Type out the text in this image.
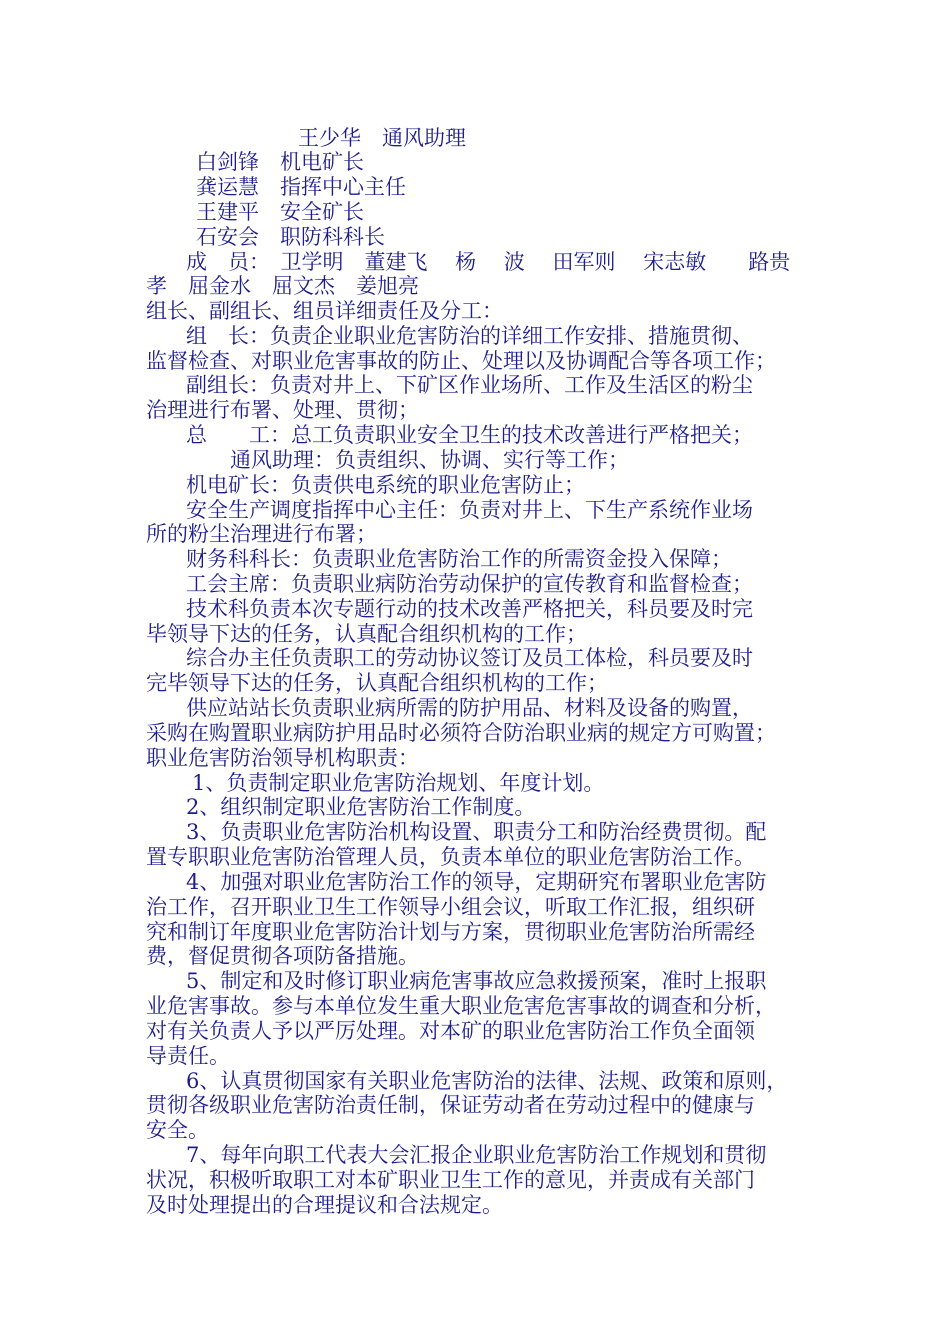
王少华　通风助理
白剑锋　机电矿长
龚运慧　指挥中心主任
王建平　安全矿长
石安会　职防科科长
成　员：　卫学明　董建飞　 杨　 波　 田军则　 宋志敏　　路贵
孝　屈金水　屈文杰　姜旭亮
组长、副组长、组员详细责任及分工：
组　长：负责企业职业危害防治的详细工作安排、措施贯彻、
监督检查、对职业危害事故的防止、处理以及协调配合等各项工作；
副组长：负责对井上、下矿区作业场所、工作及生活区的粉尘
治理进行布署、处理、贯彻；
总　　工：总工负责职业安全卫生的技术改善进行严格把关；
通风助理：负责组织、协调、实行等工作；
机电矿长：负责供电系统的职业危害防止；
安全生产调度指挥中心主任：负责对井上、下生产系统作业场
所的粉尘治理进行布署；
财务科科长：负责职业危害防治工作的所需资金投入保障；
工会主席：负责职业病防治劳动保护的宣传教育和监督检查；
技术科负责本次专题行动的技术改善严格把关，科员要及时完
毕领导下达的任务，认真配合组织机构的工作；
综合办主任负责职工的劳动协议签订及员工体检，科员要及时
完毕领导下达的任务，认真配合组织机构的工作；
供应站站长负责职业病所需的防护用品、材料及设备的购置，
采购在购置职业病防护用品时必须符合防治职业病的规定方可购置；
职业危害防治领导机构职责：
1、负责制定职业危害防治规划、年度计划。
2、组织制定职业危害防治工作制度。
3、负责职业危害防治机构设置、职责分工和防治经费贯彻。配
置专职职业危害防治管理人员，负责本单位的职业危害防治工作。
4、加强对职业危害防治工作的领导，定期研究布署职业危害防
治工作，召开职业卫生工作领导小组会议，听取工作汇报，组织研
究和制订年度职业危害防治计划与方案，贯彻职业危害防治所需经
费，督促贯彻各项防备措施。
5、制定和及时修订职业病危害事故应急救援预案，准时上报职
业危害事故。参与本单位发生重大职业危害危害事故的调查和分析，
对有关负责人予以严厉处理。对本矿的职业危害防治工作负全面领
导责任。
6、认真贯彻国家有关职业危害防治的法律、法规、政策和原则，
贯彻各级职业危害防治责任制，保证劳动者在劳动过程中的健康与
安全。
7、每年向职工代表大会汇报企业职业危害防治工作规划和贯彻
状况，积极听取职工对本矿职业卫生工作的意见，并责成有关部门
及时处理提出的合理提议和合法规定。
